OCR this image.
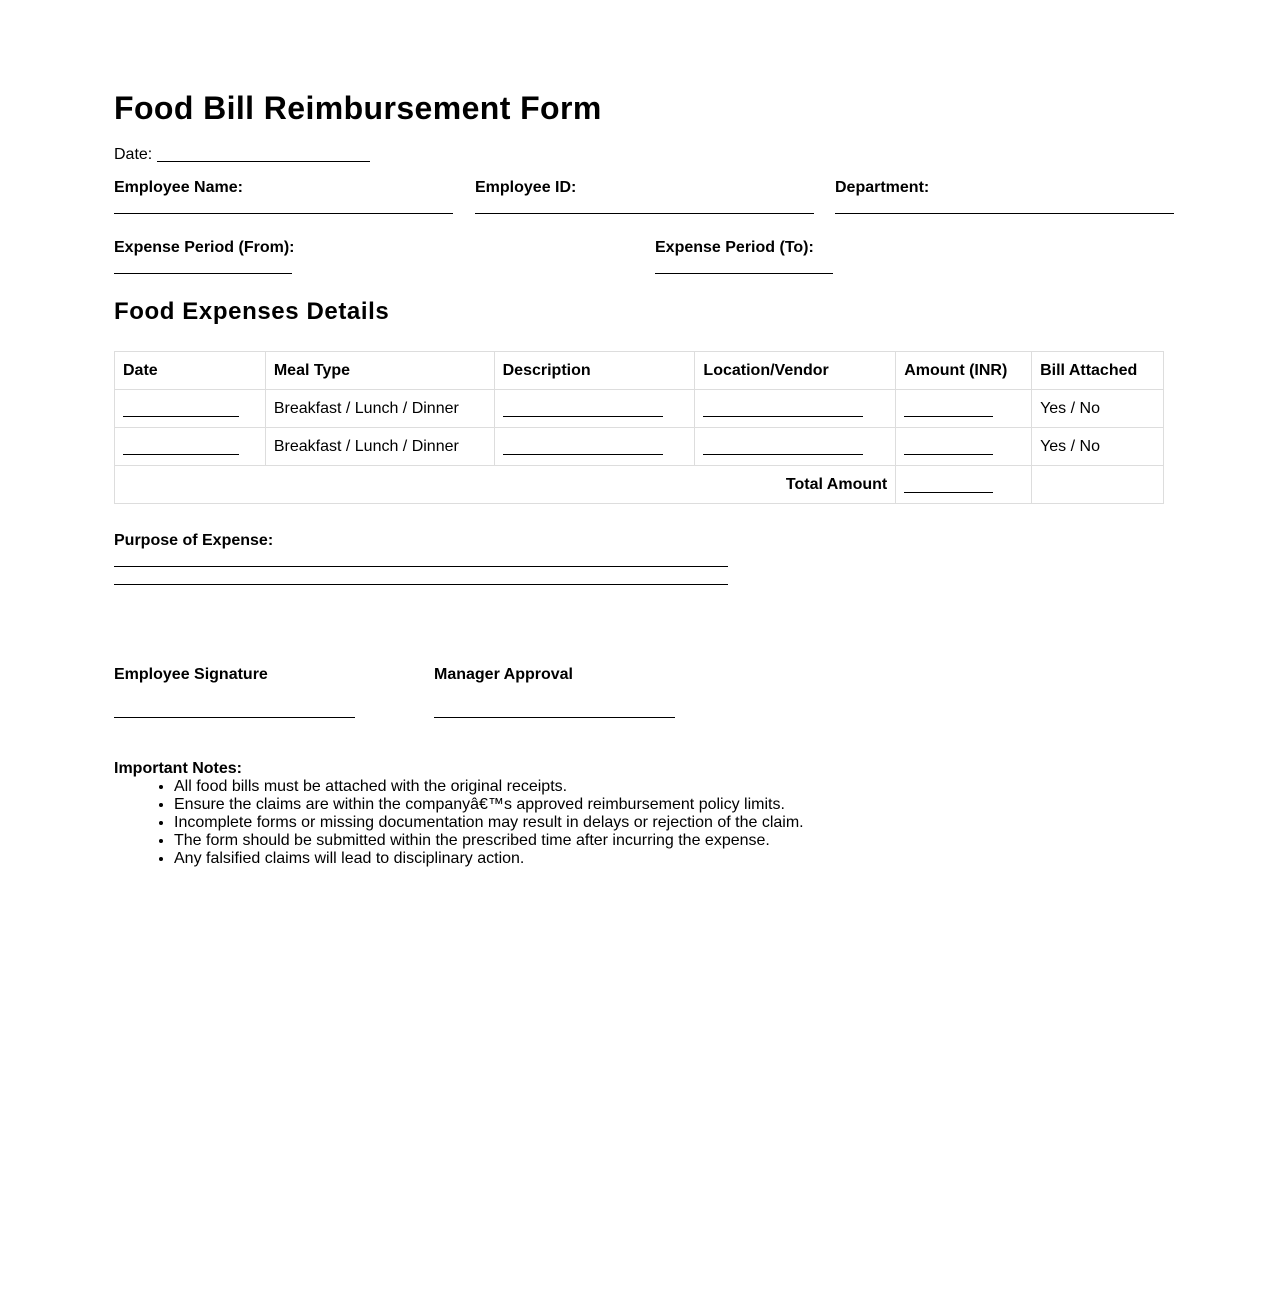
Food Bill Reimbursement Form
Date:
Employee Name:	Employee ID:	Department:
Expense Period (From):	Expense Period (To):
Food Expenses Details
Date	Meal Type	Description	Location/Vendor	Amount (INR)	Bill Attached
	Breakfast / Lunch / Dinner				Yes / No
	Breakfast / Lunch / Dinner				Yes / No
Total Amount					
Purpose of Expense:
Employee Signature	Manager Approval
Important Notes:
• All food bills must be attached with the original receipts.
• Ensure the claims are within the companyâ€™s approved reimbursement policy limits.
• Incomplete forms or missing documentation may result in delays or rejection of the claim.
• The form should be submitted within the prescribed time after incurring the expense.
• Any falsified claims will lead to disciplinary action.
